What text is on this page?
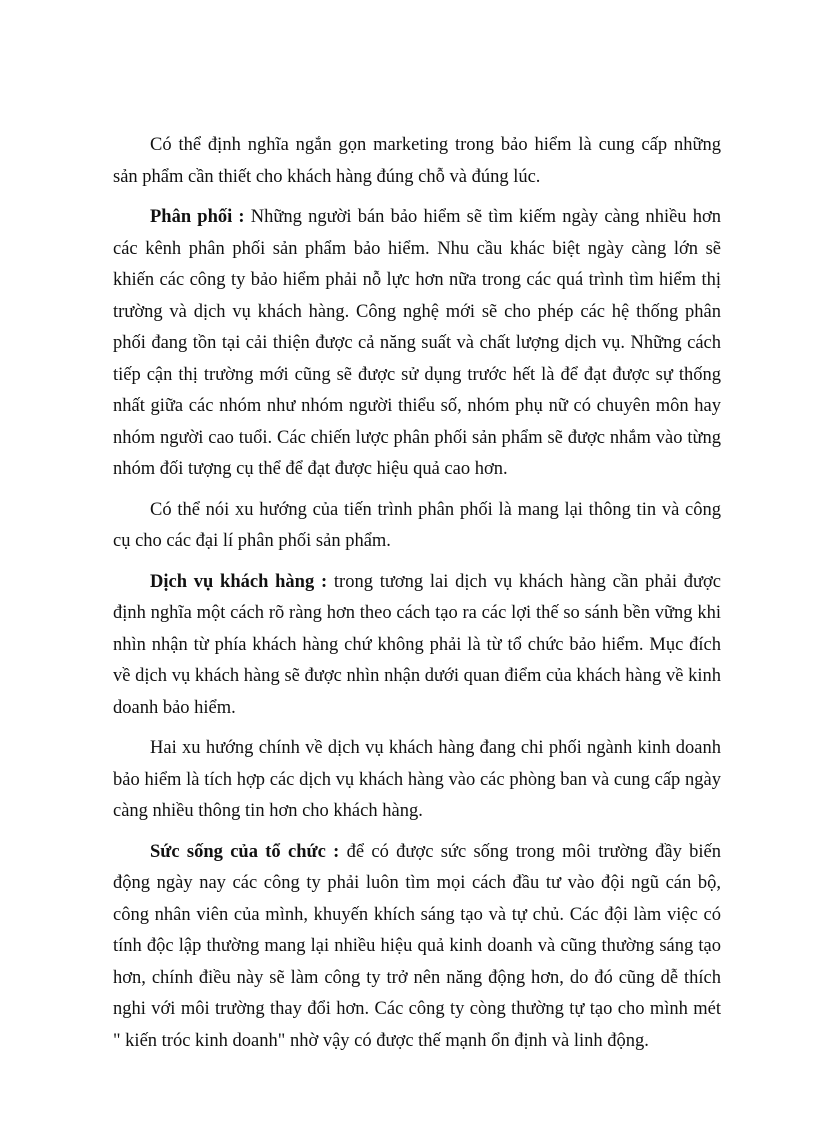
Có thể định nghĩa ngắn gọn marketing trong bảo hiểm là cung cấp những sản phẩm cần thiết cho khách hàng đúng chỗ và đúng lúc.

Phân phối : Những người bán bảo hiểm sẽ tìm kiếm ngày càng nhiều hơn các kênh phân phối sản phẩm bảo hiểm. Nhu cầu khác biệt ngày càng lớn sẽ khiến các công ty bảo hiểm phải nỗ lực hơn nữa trong các quá trình tìm hiểm thị trường và dịch vụ khách hàng. Công nghệ mới sẽ cho phép các hệ thống phân phối đang tồn tại cải thiện được cả năng suất và chất lượng dịch vụ. Những cách tiếp cận thị trường mới cũng sẽ được sử dụng trước hết là để đạt được sự thống nhất giữa các nhóm như nhóm người thiểu số, nhóm phụ nữ có chuyên môn hay nhóm người cao tuổi. Các chiến lược phân phối sản phẩm sẽ được nhắm vào từng nhóm đối tượng cụ thể để đạt được hiệu quả cao hơn.

Có thể nói xu hướng của tiến trình phân phối là mang lại thông tin và công cụ cho các đại lí phân phối sản phẩm.

Dịch vụ khách hàng : trong tương lai dịch vụ khách hàng cần phải được định nghĩa một cách rõ ràng hơn theo cách tạo ra các lợi thế so sánh bền vững khi nhìn nhận từ phía khách hàng chứ không phải là từ tổ chức bảo hiểm. Mục đích về dịch vụ khách hàng sẽ được nhìn nhận dưới quan điểm của khách hàng về kinh doanh bảo hiểm.

Hai xu hướng chính về dịch vụ khách hàng đang chi phối ngành kinh doanh bảo hiểm là tích hợp các dịch vụ khách hàng vào các phòng ban và cung cấp ngày càng nhiều thông tin hơn cho khách hàng.

Sức sống của tổ chức : để có được sức sống trong môi trường đầy biến động ngày nay các công ty phải luôn tìm mọi cách đầu tư vào đội ngũ cán bộ, công nhân viên của mình, khuyến khích sáng tạo và tự chủ. Các đội làm việc có tính độc lập thường mang lại nhiều hiệu quả kinh doanh và cũng thường sáng tạo hơn, chính điều này sẽ làm công ty trở nên năng động hơn, do đó cũng dễ thích nghi với môi trường thay đổi hơn. Các công ty còng thường tự tạo cho mình mét " kiến tróc kinh doanh" nhờ vậy có được thế mạnh ổn định và linh động.
